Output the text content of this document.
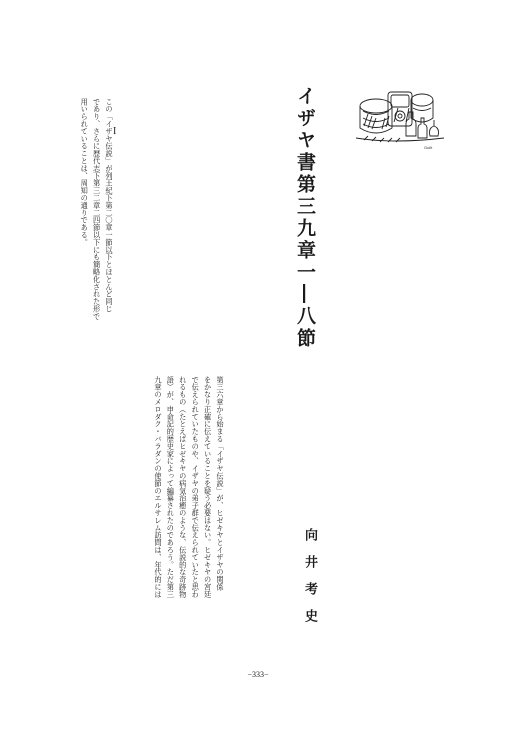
Guilt
イザヤ書第三九章一―八節
向井考史
I
この「イザヤ伝説」が列王紀下第二〇章一節以下とほとんど同じ
であり、さらに歴代志下第三二章二四節以下にも簡略化された形で
用いられていることは、周知の通りである。
第三六章から始まる「イザヤ伝説」が、ヒゼキヤとイザヤの関係
をかなり正確に伝えていることを疑う必要はない。ヒゼキヤの宮廷
で伝えられていたものや、イザヤの弟子群で伝えられていたと思わ
れるもの（たとえばヒゼキヤの病気治癒のような、伝説的な奇跡物
語）が、申命記的歴史家によって編纂されたのであろう。ただ第三
九章のメロダク・バラダンの使節のエルサレム訪問は、年代的には
−333−
